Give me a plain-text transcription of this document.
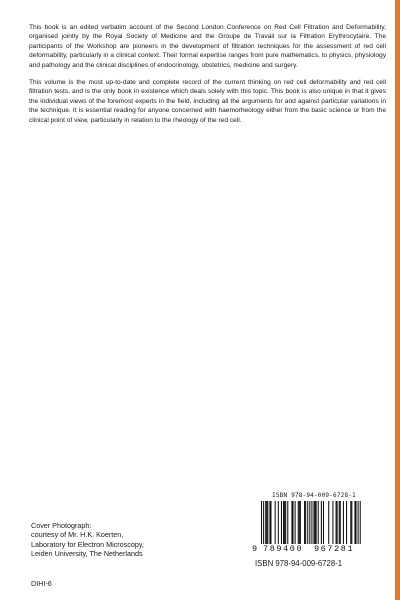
This book is an edited verbatim account of the Second London Conference on Red Cell Filtration and Deformability, organised jointly by the Royal Society of Medicine and the Groupe de Travail sur la Filtration Erythrocytaire. The participants of the Workshop are pioneers in the development of filtration techniques for the assessment of red cell deformability, particularly in a clinical context. Their formal expertise ranges from pure mathematics, to physics, physiology and pathology and the clinical disciplines of endocrinology, obstetrics, medicine and surgery.

This volume is the most up-to-date and complete record of the current thinking on red cell deformability and red cell filtration tests, and is the only book in existence which deals solely with this topic. This book is also unique in that it gives the individual views of the foremost experts in the field, including all the arguments for and against particular variations in the technique. It is essential reading for anyone concerned with haemorheology either from the basic science or from the clinical point of view, particularly in relation to the rheology of the red cell.

ISBN 978-94-009-6728-1
9 789400	967281
ISBN 978-94-009-6728-1
Cover Photograph:
courtesy of Mr. H.K. Koerten,
Laboratory for Electron Microscopy,
Leiden University, The Netherlands
DIHI-6
